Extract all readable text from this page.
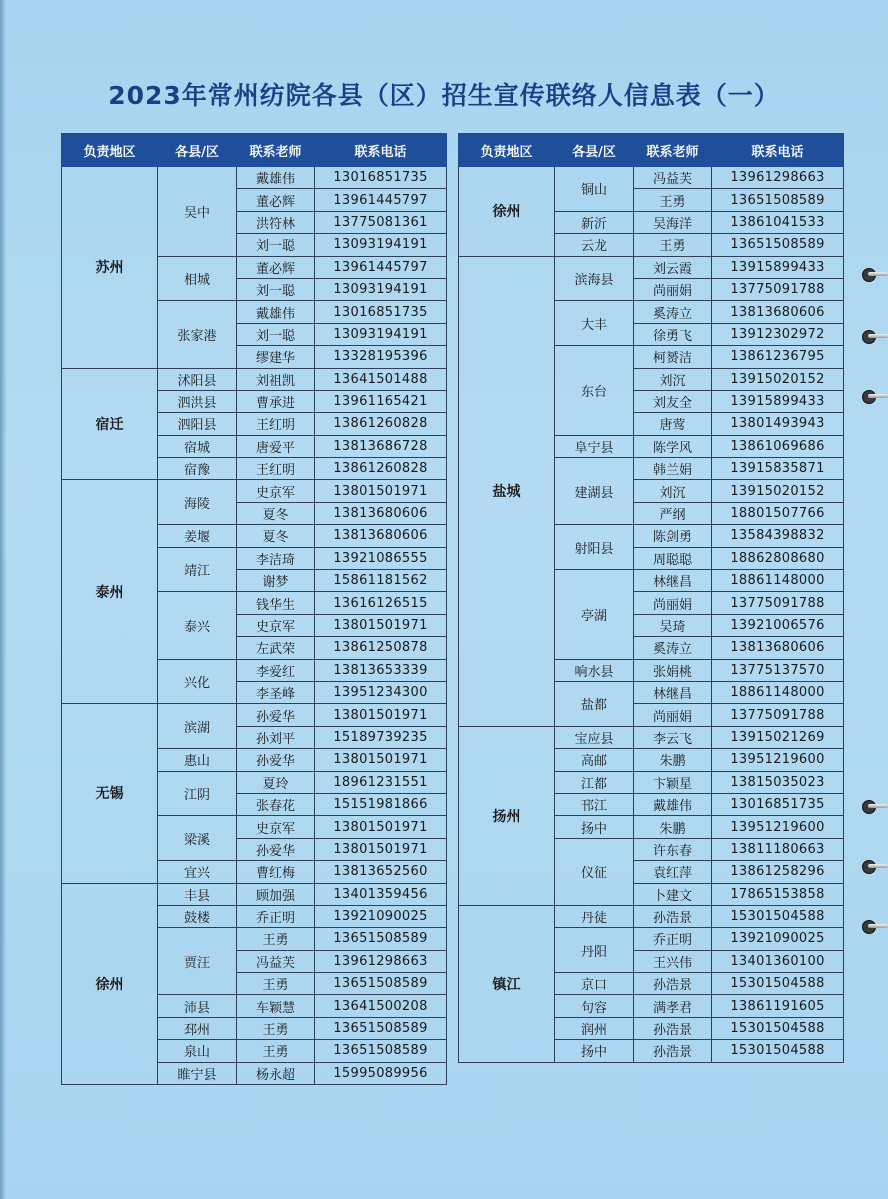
2023年常州纺院各县（区）招生宣传联络人信息表（一）
负责地区	各县/区	联系老师	联系电话
苏州	吴中	戴雄伟	13016851735
		董必辉	13961445797
		洪符林	13775081361
		刘一聪	13093194191
	相城	董必辉	13961445797
		刘一聪	13093194191
	张家港	戴雄伟	13016851735
		刘一聪	13093194191
		缪建华	13328195396
宿迁	沭阳县	刘祖凯	13641501488
	泗洪县	曹承进	13961165421
	泗阳县	王红明	13861260828
	宿城	唐爱平	13813686728
	宿豫	王红明	13861260828
泰州	海陵	史京军	13801501971
		夏冬	13813680606
	姜堰	夏冬	13813680606
	靖江	李洁琦	13921086555
		谢梦	15861181562
	泰兴	钱华生	13616126515
		史京军	13801501971
		左武荣	13861250878
	兴化	李爱红	13813653339
		李圣峰	13951234300
无锡	滨湖	孙爱华	13801501971
		孙刘平	15189739235
	惠山	孙爱华	13801501971
	江阴	夏玲	18961231551
		张春花	15151981866
	梁溪	史京军	13801501971
		孙爱华	13801501971
	宜兴	曹红梅	13813652560
徐州	丰县	顾加强	13401359456
	鼓楼	乔正明	13921090025
	贾汪	王勇	13651508589
		冯益芙	13961298663
		王勇	13651508589
	沛县	车颖慧	13641500208
	邳州	王勇	13651508589
	泉山	王勇	13651508589
	睢宁县	杨永超	15995089956
负责地区	各县/区	联系老师	联系电话
徐州	铜山	冯益芙	13961298663
		王勇	13651508589
	新沂	吴海洋	13861041533
	云龙	王勇	13651508589
盐城	滨海县	刘云霞	13915899433
		尚丽娟	13775091788
	大丰	奚涛立	13813680606
		徐勇飞	13912302972
	东台	柯赟洁	13861236795
		刘沉	13915020152
		刘友全	13915899433
		唐莺	13801493943
	阜宁县	陈学风	13861069686
	建湖县	韩兰娟	13915835871
		刘沉	13915020152
		严纲	18801507766
	射阳县	陈剑勇	13584398832
		周聪聪	18862808680
	亭湖	林继昌	18861148000
		尚丽娟	13775091788
		吴琦	13921006576
		奚涛立	13813680606
	响水县	张娟桃	13775137570
	盐都	林继昌	18861148000
		尚丽娟	13775091788
扬州	宝应县	李云飞	13915021269
	高邮	朱鹏	13951219600
	江都	卞颖星	13815035023
	邗江	戴雄伟	13016851735
	扬中	朱鹏	13951219600
	仪征	许东春	13811180663
		袁红萍	13861258296
		卜建文	17865153858
镇江	丹徒	孙浩景	15301504588
	丹阳	乔正明	13921090025
		王兴伟	13401360100
	京口	孙浩景	15301504588
	句容	满孝君	13861191605
	润州	孙浩景	15301504588
	扬中	孙浩景	15301504588
